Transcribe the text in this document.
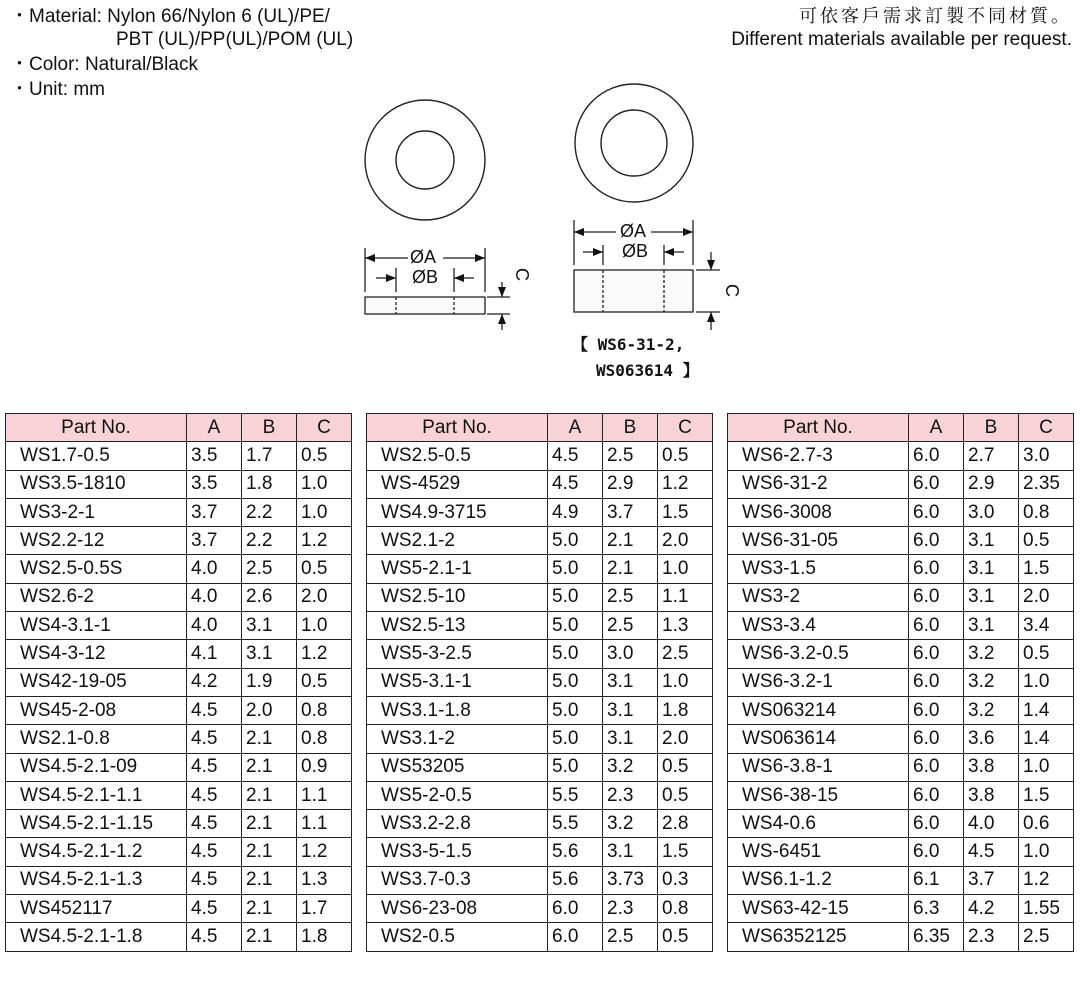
・Material: Nylon 66/Nylon 6 (UL)/PE/
PBT (UL)/PP(UL)/POM (UL)
・Color: Natural/Black
・Unit: mm
可依客戶需求訂製不同材質。
Different materials available per request.
ØA
ØB	C
ØA
ØB
C
【 WS6-31-2,
WS063614 】
Part No.	A	B	C
WS1.7-0.5	3.5	1.7	0.5
WS3.5-1810	3.5	1.8	1.0
WS3-2-1	3.7	2.2	1.0
WS2.2-12	3.7	2.2	1.2
WS2.5-0.5S	4.0	2.5	0.5
WS2.6-2	4.0	2.6	2.0
WS4-3.1-1	4.0	3.1	1.0
WS4-3-12	4.1	3.1	1.2
WS42-19-05	4.2	1.9	0.5
WS45-2-08	4.5	2.0	0.8
WS2.1-0.8	4.5	2.1	0.8
WS4.5-2.1-09	4.5	2.1	0.9
WS4.5-2.1-1.1	4.5	2.1	1.1
WS4.5-2.1-1.15	4.5	2.1	1.1
WS4.5-2.1-1.2	4.5	2.1	1.2
WS4.5-2.1-1.3	4.5	2.1	1.3
WS452117	4.5	2.1	1.7
WS4.5-2.1-1.8	4.5	2.1	1.8
Part No.	A	B	C
WS2.5-0.5	4.5	2.5	0.5
WS-4529	4.5	2.9	1.2
WS4.9-3715	4.9	3.7	1.5
WS2.1-2	5.0	2.1	2.0
WS5-2.1-1	5.0	2.1	1.0
WS2.5-10	5.0	2.5	1.1
WS2.5-13	5.0	2.5	1.3
WS5-3-2.5	5.0	3.0	2.5
WS5-3.1-1	5.0	3.1	1.0
WS3.1-1.8	5.0	3.1	1.8
WS3.1-2	5.0	3.1	2.0
WS53205	5.0	3.2	0.5
WS5-2-0.5	5.5	2.3	0.5
WS3.2-2.8	5.5	3.2	2.8
WS3-5-1.5	5.6	3.1	1.5
WS3.7-0.3	5.6	3.73	0.3
WS6-23-08	6.0	2.3	0.8
WS2-0.5	6.0	2.5	0.5
Part No.	A	B	C
WS6-2.7-3	6.0	2.7	3.0
WS6-31-2	6.0	2.9	2.35
WS6-3008	6.0	3.0	0.8
WS6-31-05	6.0	3.1	0.5
WS3-1.5	6.0	3.1	1.5
WS3-2	6.0	3.1	2.0
WS3-3.4	6.0	3.1	3.4
WS6-3.2-0.5	6.0	3.2	0.5
WS6-3.2-1	6.0	3.2	1.0
WS063214	6.0	3.2	1.4
WS063614	6.0	3.6	1.4
WS6-3.8-1	6.0	3.8	1.0
WS6-38-15	6.0	3.8	1.5
WS4-0.6	6.0	4.0	0.6
WS-6451	6.0	4.5	1.0
WS6.1-1.2	6.1	3.7	1.2
WS63-42-15	6.3	4.2	1.55
WS6352125	6.35	2.3	2.5
